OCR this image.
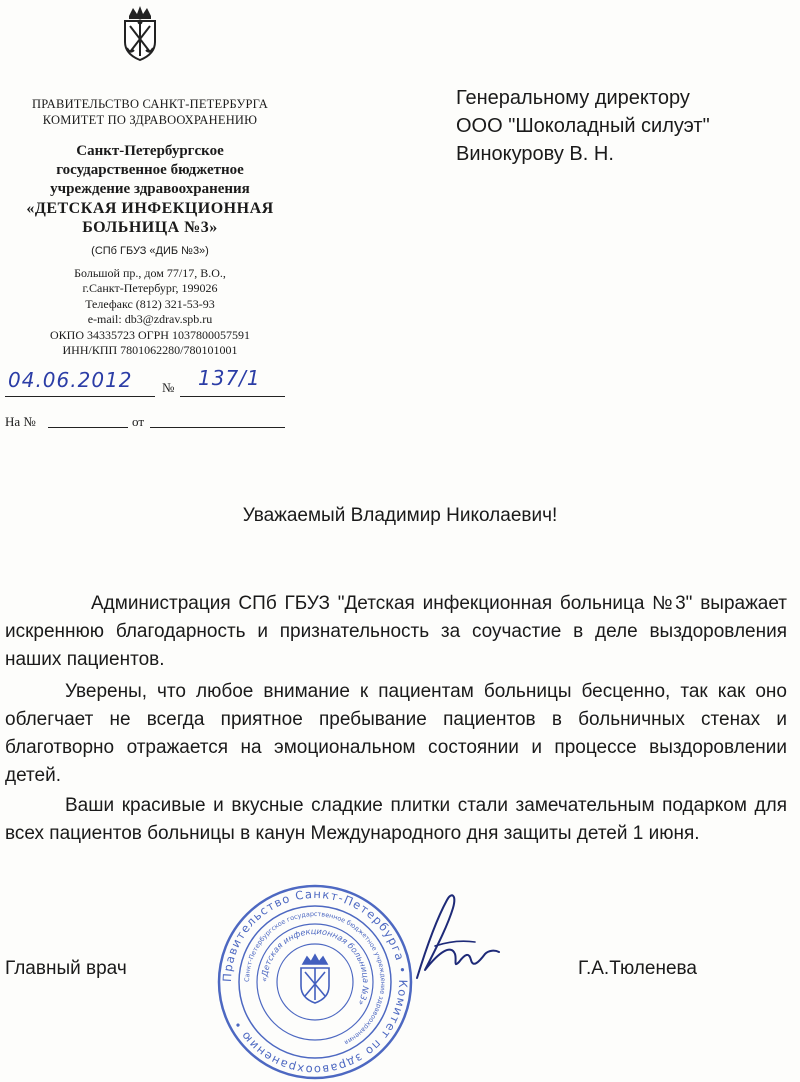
ПРАВИТЕЛЬСТВО САНКТ-ПЕТЕРБУРГА
КОМИТЕТ ПО ЗДРАВООХРАНЕНИЮ
Санкт-Петербургское
государственное бюджетное
учреждение здравоохранения
«ДЕТСКАЯ ИНФЕКЦИОННАЯ
БОЛЬНИЦА №3»
(СПб ГБУЗ «ДИБ №3»)
Большой пр., дом 77/17, В.О.,
г.Санкт-Петербург, 199026
Телефакс (812) 321-53-93
e-mail: db3@zdrav.spb.ru
ОКПО 34335723 ОГРН 1037800057591
ИНН/КПП 7801062280/780101001
04.06.2012 № 137/1
На №	от
Генеральному директору
ООО "Шоколадный силуэт"
Винокурову В. Н.
Уважаемый Владимир Николаевич!
Администрация СПб ГБУЗ "Детская инфекционная больница №3" выражает искреннюю благодарность и признательность за соучастие в деле выздоровления наших пациентов.
Уверены, что любое внимание к пациентам больницы бесценно, так как оно облегчает не всегда приятное пребывание пациентов в больничных стенах и благотворно отражается на эмоциональном состоянии и процессе выздоровлении детей.
Ваши красивые и вкусные сладкие плитки стали замечательным подарком для всех пациентов больницы в канун Международного дня защиты детей 1 июня.
Главный врач	Г.А.Тюленева
Правительство Санкт-Петербурга • Комитет по здравоохранению •
Санкт-Петербургское государственное бюджетное учреждение здравоохранения
«Детская инфекционная больница №3»
